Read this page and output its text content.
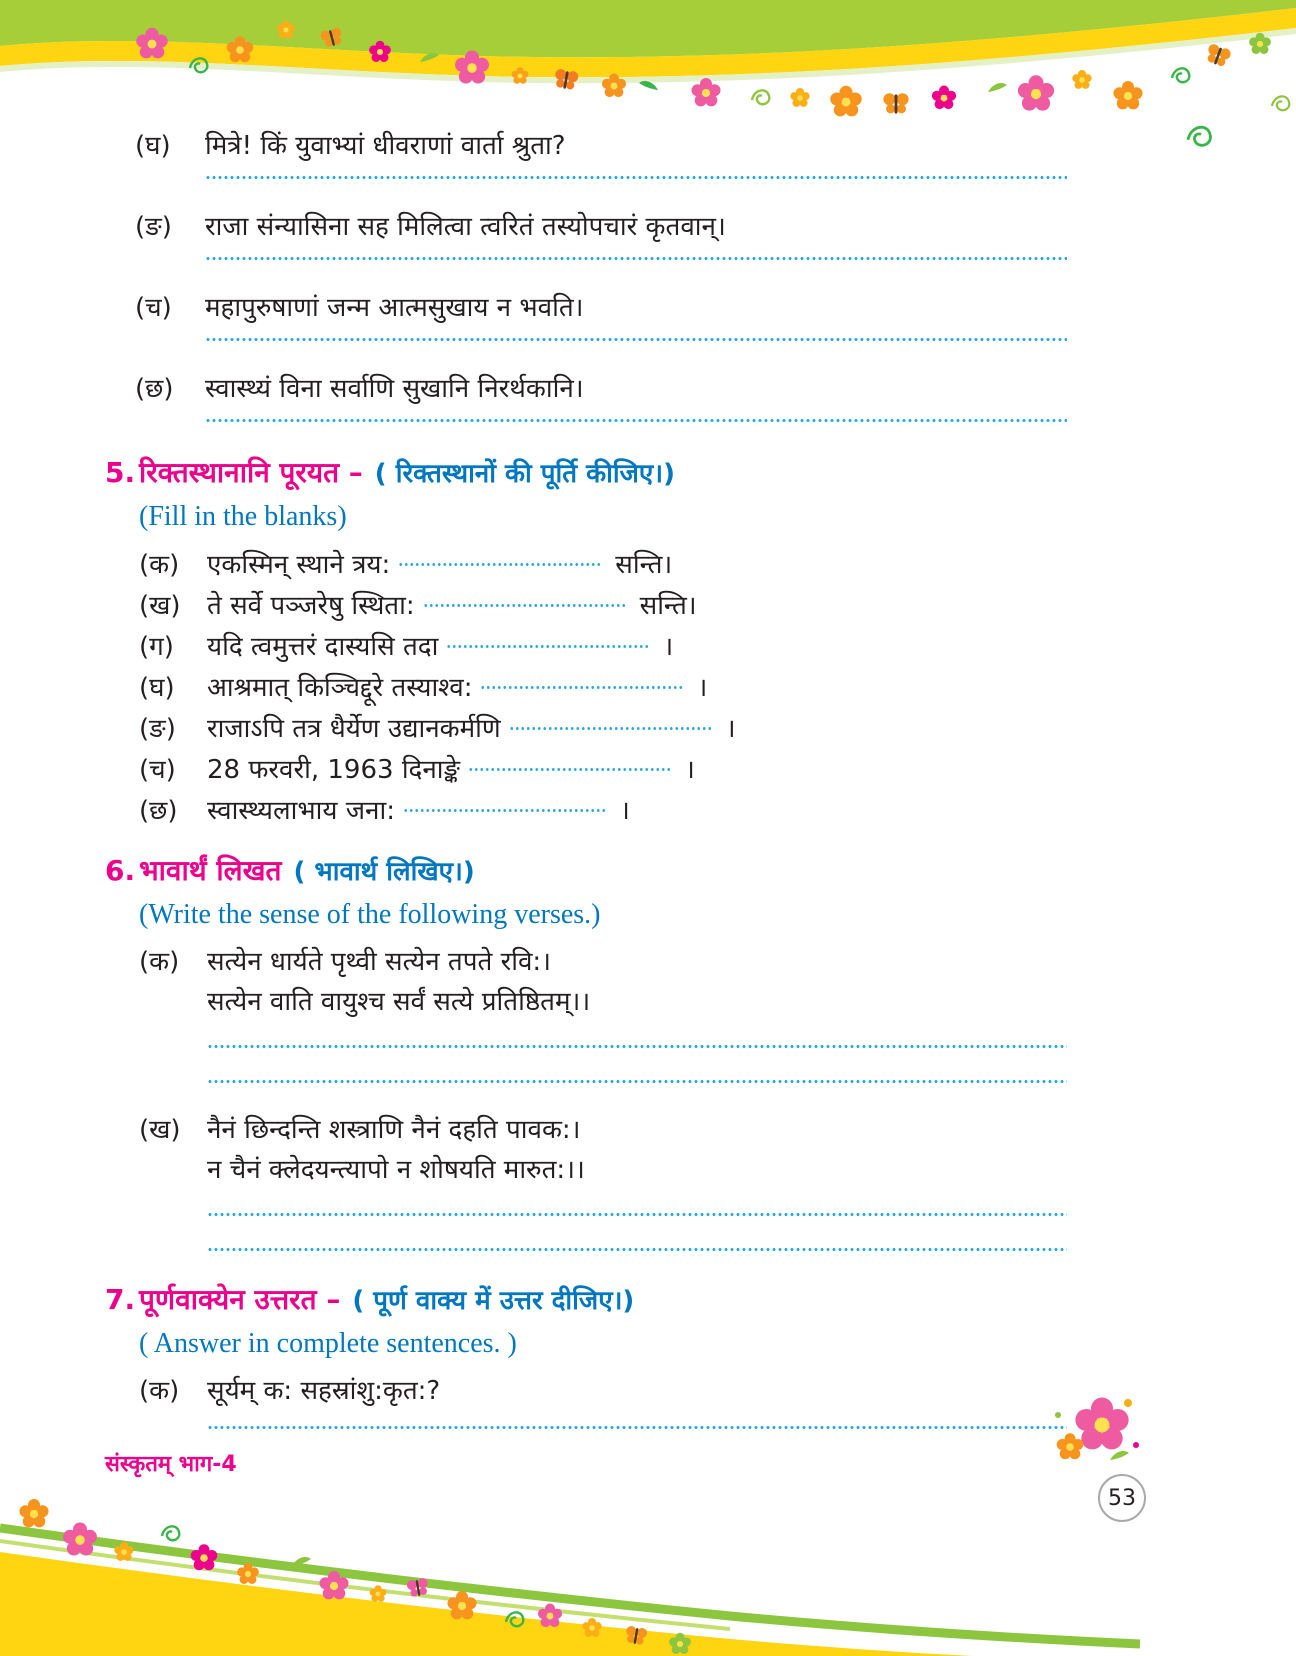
(घ)	मित्रे! किं युवाभ्यां धीवराणां वार्ता श्रुता?
(ङ)	राजा संन्यासिना सह मिलित्वा त्वरितं तस्योपचारं कृतवान्।
(च)	महापुरुषाणां जन्म आत्मसुखाय न भवति।
(छ)	स्वास्थ्यं विना सर्वाणि सुखानि निरर्थकानि।
5. रिक्तस्थानानि पूरयत – ( रिक्तस्थानों की पूर्ति कीजिए।)
(Fill in the blanks)
(क) एकस्मिन् स्थाने त्रय:	सन्ति।
(ख) ते सर्वे पञ्जरेषु स्थिता:	सन्ति।
(ग) यदि त्वमुत्तरं दास्यसि तदा	।
(घ) आश्रमात् किञ्चिद्दूरे तस्याश्व:	।
(ङ) राजाऽपि तत्र धैर्येण उद्यानकर्मणि	।
(च) 28 फरवरी, 1963 दिनाङ्के	।
(छ) स्वास्थ्यलाभाय जना:	।
6. भावार्थं लिखत ( भावार्थ लिखिए।)
(Write the sense of the following verses.)
(क)	सत्येन धार्यते पृथ्वी सत्येन तपते रवि:।
सत्येन वाति वायुश्च सर्वं सत्ये प्रतिष्ठितम्।।
(ख)	नैनं छिन्दन्ति शस्त्राणि नैनं दहति पावक:।
न चैनं क्लेदयन्त्यापो न शोषयति मारुत:।।
7. पूर्णवाक्येन उत्तरत – ( पूर्ण वाक्य में उत्तर दीजिए।)
( Answer in complete sentences. )
(क)	सूर्यम् क: सहस्रांशु:कृत:?
संस्कृतम् भाग-4
53
